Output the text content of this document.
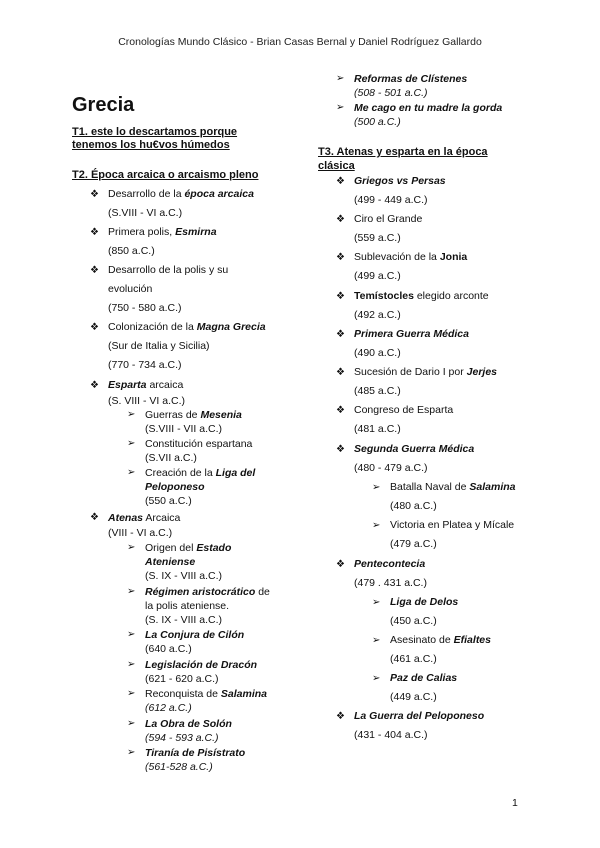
Cronologías Mundo Clásico - Brian Casas Bernal y Daniel Rodríguez Gallardo
Grecia

T1. este lo descartamos porque

tenemos los hu€vos húmedos

T2. Época arcaica o arcaismo pleno

❖ Desarrollo de la época arcaica
(S.VIII - VI a.C.)
❖ Primera polis, Esmirna
(850 a.C.)
❖ Desarrollo de la polis y su
evolución
(750 - 580 a.C.)
❖ Colonización de la Magna Grecia
(Sur de Italia y Sicilia)
(770 - 734 a.C.)
❖ Esparta arcaica
(S. VIII - VI a.C.)
➢ Guerras de Mesenia
(S.VIII - VII a.C.)
➢ Constitución espartana
(S.VII a.C.)
➢ Creación de la Liga del
Peloponeso
(550 a.C.)
❖ Atenas Arcaica
(VIII - VI a.C.)
➢ Origen del Estado
Ateniense
(S. IX - VIII a.C.)
➢ Régimen aristocrático de
la polis ateniense.
(S. IX - VIII a.C.)
➢ La Conjura de Cilón
(640 a.C.)
➢ Legislación de Dracón
(621 - 620 a.C.)
➢ Reconquista de Salamina
(612 a.C.)
➢ La Obra de Solón
(594 - 593 a.C.)
➢ Tiranía de Pisístrato
(561-528 a.C.)
➢ Reformas de Clístenes
(508 - 501 a.C.)
➢ Me cago en tu madre la gorda
(500 a.C.)

T3. Atenas y esparta en la época

clásica

❖ Griegos vs Persas
(499 - 449 a.C.)
❖ Ciro el Grande
(559 a.C.)
❖ Sublevación de la Jonia
(499 a.C.)
❖ Temístocles elegido arconte
(492 a.C.)
❖ Primera Guerra Médica
(490 a.C.)
❖ Sucesión de Dario I por Jerjes
(485 a.C.)
❖ Congreso de Esparta
(481 a.C.)
❖ Segunda Guerra Médica
(480 - 479 a.C.)
➢ Batalla Naval de Salamina
(480 a.C.)
➢ Victoria en Platea y Mícale
(479 a.C.)
❖ Pentecontecia
(479 . 431 a.C.)
➢ Liga de Delos
(450 a.C.)
➢ Asesinato de Efialtes
(461 a.C.)
➢ Paz de Calias
(449 a.C.)
❖ La Guerra del Peloponeso
(431 - 404 a.C.)
1
